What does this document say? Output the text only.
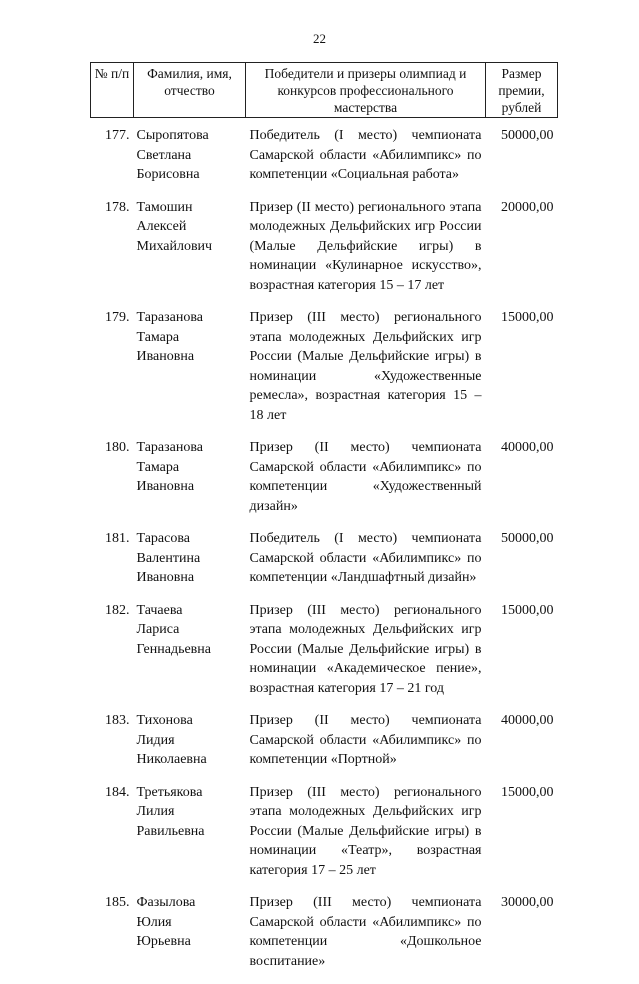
22
№ п/п	Фамилия, имя, отчество	Победители и призеры олимпиад и конкурсов профессионального мастерства	Размер премии, рублей
177.	Сыропятова
Светлана
Борисовна	Победитель (I место) чемпионата Самарской области «Абилимпикс» по компетенции «Социальная работа»	50000,00
178.	Тамошин
Алексей
Михайлович	Призер (II место) регионального этапа молодежных Дельфийских игр России (Малые Дельфийские игры) в номинации «Кулинарное искусство», возрастная категория 15 – 17 лет	20000,00
179.	Таразанова
Тамара
Ивановна	Призер (III место) регионального этапа молодежных Дельфийских игр России (Малые Дельфийские игры) в номинации «Художественные ремесла», возрастная категория 15 – 18 лет	15000,00
180.	Таразанова
Тамара
Ивановна	Призер (II место) чемпионата Самарской области «Абилимпикс» по компетенции «Художественный дизайн»	40000,00
181.	Тарасова
Валентина
Ивановна	Победитель (I место) чемпионата Самарской области «Абилимпикс» по компетенции «Ландшафтный дизайн»	50000,00
182.	Тачаева
Лариса
Геннадьевна	Призер (III место) регионального этапа молодежных Дельфийских игр России (Малые Дельфийские игры) в номинации «Академическое пение», возрастная категория 17 – 21 год	15000,00
183.	Тихонова
Лидия
Николаевна	Призер (II место) чемпионата Самарской области «Абилимпикс» по компетенции «Портной»	40000,00
184.	Третьякова
Лилия
Равильевна	Призер (III место) регионального этапа молодежных Дельфийских игр России (Малые Дельфийские игры) в номинации «Театр», возрастная категория 17 – 25 лет	15000,00
185.	Фазылова
Юлия
Юрьевна	Призер (III место) чемпионата Самарской области «Абилимпикс» по компетенции «Дошкольное воспитание»	30000,00
